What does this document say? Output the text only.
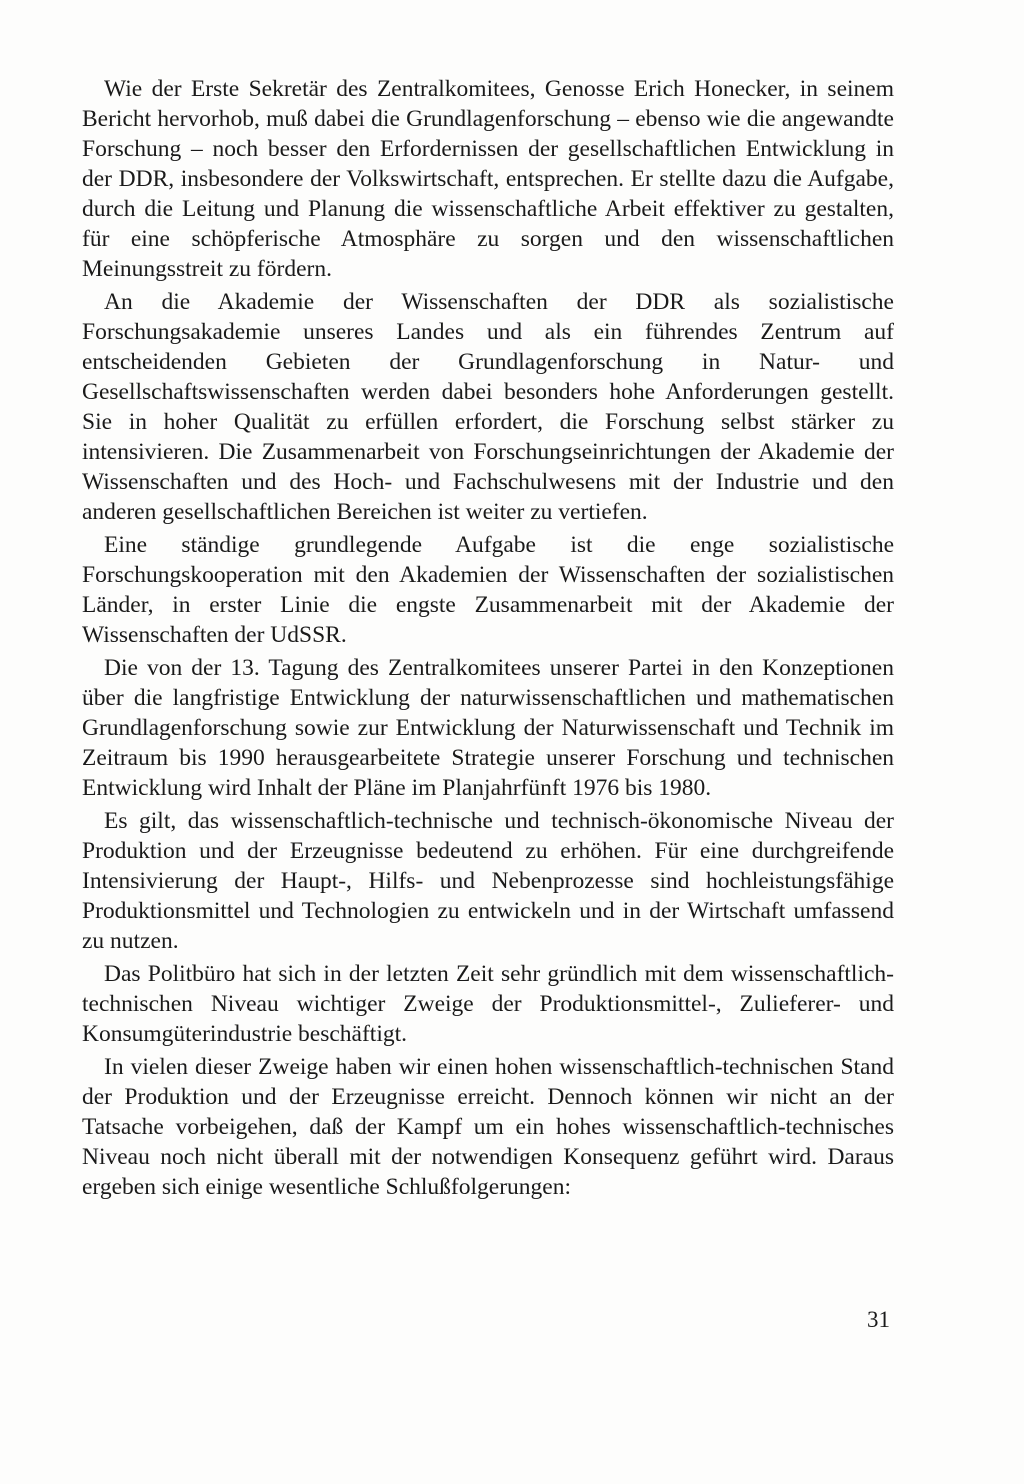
Wie der Erste Sekretär des Zentralkomitees, Genosse Erich Honecker, in seinem Bericht hervorhob, muß dabei die Grundlagenforschung – ebenso wie die angewandte Forschung – noch besser den Erfordernissen der gesellschaftlichen Entwicklung in der DDR, insbesondere der Volkswirtschaft, entsprechen. Er stellte dazu die Aufgabe, durch die Leitung und Planung die wissenschaftliche Arbeit effektiver zu gestalten, für eine schöpferische Atmosphäre zu sorgen und den wissenschaftlichen Meinungsstreit zu fördern.

An die Akademie der Wissenschaften der DDR als sozialistische Forschungsakademie unseres Landes und als ein führendes Zentrum auf entscheidenden Gebieten der Grundlagenforschung in Natur- und Gesellschaftswissenschaften werden dabei besonders hohe Anforderungen gestellt. Sie in hoher Qualität zu erfüllen erfordert, die Forschung selbst stärker zu intensivieren. Die Zusammenarbeit von Forschungseinrichtungen der Akademie der Wissenschaften und des Hoch- und Fachschulwesens mit der Industrie und den anderen gesellschaftlichen Bereichen ist weiter zu vertiefen.

Eine ständige grundlegende Aufgabe ist die enge sozialistische Forschungskooperation mit den Akademien der Wissenschaften der sozialistischen Länder, in erster Linie die engste Zusammenarbeit mit der Akademie der Wissenschaften der UdSSR.

Die von der 13. Tagung des Zentralkomitees unserer Partei in den Konzeptionen über die langfristige Entwicklung der naturwissenschaftlichen und mathematischen Grundlagenforschung sowie zur Entwicklung der Naturwissenschaft und Technik im Zeitraum bis 1990 herausgearbeitete Strategie unserer Forschung und technischen Entwicklung wird Inhalt der Pläne im Planjahrfünft 1976 bis 1980.

Es gilt, das wissenschaftlich-technische und technisch-ökonomische Niveau der Produktion und der Erzeugnisse bedeutend zu erhöhen. Für eine durchgreifende Intensivierung der Haupt-, Hilfs- und Nebenprozesse sind hochleistungsfähige Produktionsmittel und Technologien zu entwickeln und in der Wirtschaft umfassend zu nutzen.

Das Politbüro hat sich in der letzten Zeit sehr gründlich mit dem wissenschaftlich-technischen Niveau wichtiger Zweige der Produktionsmittel-, Zulieferer- und Konsumgüterindustrie beschäftigt.

In vielen dieser Zweige haben wir einen hohen wissenschaftlich-technischen Stand der Produktion und der Erzeugnisse erreicht. Dennoch können wir nicht an der Tatsache vorbeigehen, daß der Kampf um ein hohes wissenschaftlich-technisches Niveau noch nicht überall mit der notwendigen Konsequenz geführt wird. Daraus ergeben sich einige wesentliche Schlußfolgerungen:

31
